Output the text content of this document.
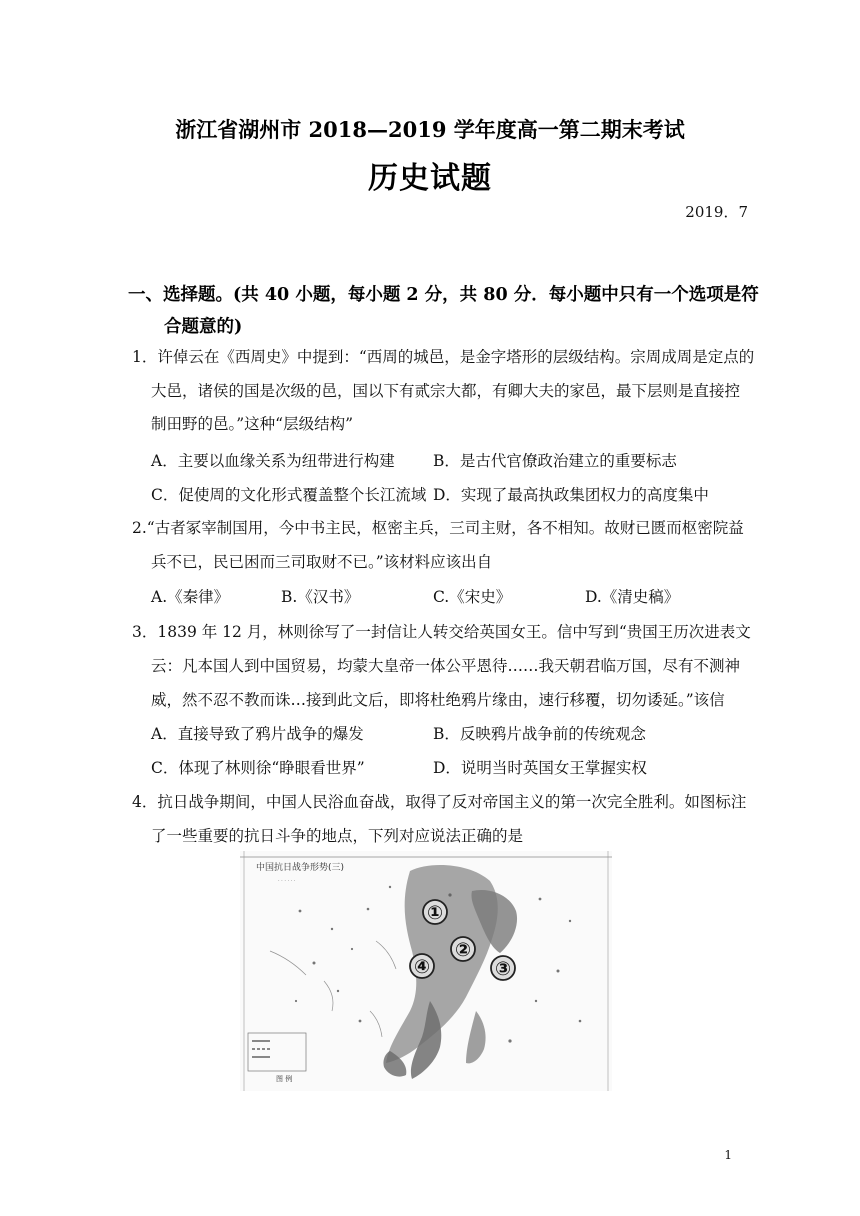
浙江省湖州市 2018—2019 学年度高一第二期末考试
历史试题
2019．7
一、选择题。(共 40 小题，每小题 2 分，共 80 分．每小题中只有一个选项是符
合题意的)
1．许倬云在《西周史》中提到：“西周的城邑，是金字塔形的层级结构。宗周成周是定点的
大邑，诸侯的国是次级的邑，国以下有贰宗大都，有卿大夫的家邑，最下层则是直接控
制田野的邑。”这种“层级结构”
A．主要以血缘关系为纽带进行构建 B．是古代官僚政治建立的重要标志
C．促使周的文化形式覆盖整个长江流域 D．实现了最高执政集团权力的高度集中
2.“古者冢宰制国用，今中书主民，枢密主兵，三司主财，各不相知。故财已匮而枢密院益
兵不已，民已困而三司取财不已。”该材料应该出自
A.《秦律》	B.《汉书》	C.《宋史》	D.《清史稿》
3．1839 年 12 月，林则徐写了一封信让人转交给英国女王。信中写到“贵国王历次进表文
云：凡本国人到中国贸易，均蒙大皇帝一体公平恩待……我天朝君临万国，尽有不测神
威，然不忍不教而诛…接到此文后，即将杜绝鸦片缘由，速行移覆，切勿诿延。”该信
A．直接导致了鸦片战争的爆发	B．反映鸦片战争前的传统观念
C．体现了林则徐“睁眼看世界”	D．说明当时英国女王掌握实权
4．抗日战争期间，中国人民浴血奋战，取得了反对帝国主义的第一次完全胜利。如图标注
了一些重要的抗日斗争的地点，下列对应说法正确的是
中国抗日战争形势(三)
· · · · · ·
①
②
③
④
图 例
1
